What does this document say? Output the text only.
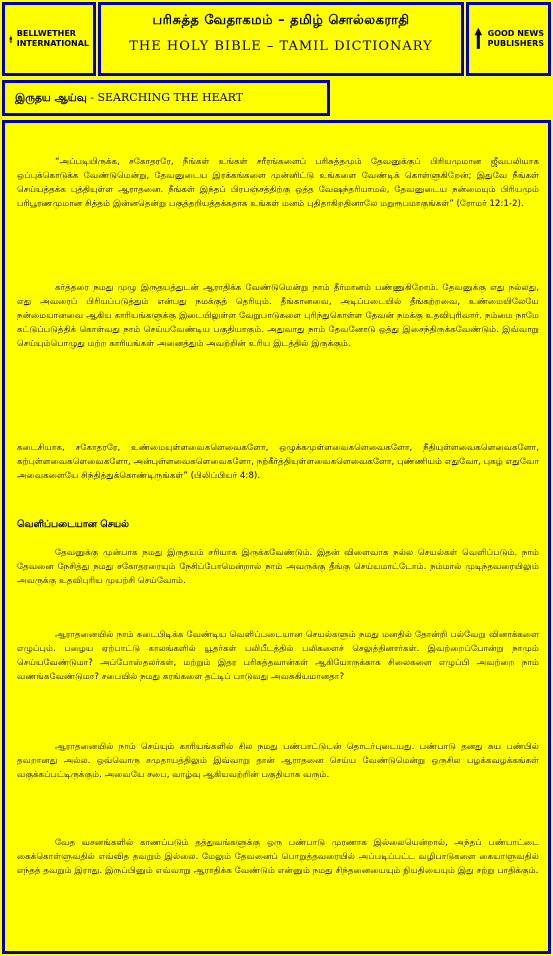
BELLWETHER
INTERNATIONAL
பரிசுத்த வேதாகமம் – தமிழ் சொல்லகராதி
THE HOLY BIBLE – TAMIL DICTIONARY
GOOD NEWS
PUBLISHERS
இருதய ஆய்வு - SEARCHING THE HEART
“அப்படியிருக்க, சகோதரரே, நீங்கள் உங்கள் சரீரங்களைப் பரிசுத்தமும் தேவனுக்குப் பிரியமுமான ஜீவபலியாக ஒப்புக்கொடுக்க வேண்டுமென்று, தேவனுடைய இரக்கங்களை முன்னிட்டு உங்களை வேண்டிக் கொள்ளுகிறேன்; இதுவே நீங்கள் செய்யத்தக்க புத்தியுள்ள ஆராதனை. நீங்கள் இந்தப் பிரபஞ்சத்திற்கு ஒத்த வேஷந்தரியாமல், தேவனுடைய நன்மையும் பிரியமும் பரிபூரணமுமான சித்தம் இன்னதென்று பகுத்தறியத்தக்கதாக உங்கள் மனம் புதிதாகிறதினாலே மறுரூபமாகுங்கள்” (ரோமர் 12:1-2).
கர்த்தரை நமது முழு இருதயத்துடன் ஆராதிக்க வேண்டுமென்று நாம் தீர்மானம் பண்ணுகிறோம். தேவனுக்கு எது நல்லது, எது அவரைப் பிரியப்படுத்தும் என்பது நமக்குத் தெரியும். தீங்கானவை, அடிப்படையில் தீங்கற்றவை, உண்மையிலேயே நன்மையானவை ஆகிய காரியங்களுக்கு இடையிலுள்ள வேறுபாடுகளை புரிந்துகொள்ள தேவன் நமக்கு உதவிபுரிவார். நம்மை நாமே கட்டுப்படுத்திக் கொள்வது நாம் செய்யவேண்டிய பகுதியாகும். அதுவாது நாம் தேவனோடு ஒத்து இசைந்திருக்கவேண்டும். இவ்வாறு செய்யும்பொழுது மற்ற காரியங்கள் அனைத்தும் அவற்றின் உரிய இடத்தில் இருக்கும்.
கடைசியாக, சகோதரரே, உண்மையுள்ளவைகளெவைகளோ, ஒழுக்கமுள்ளவைகளெவைகளோ, நீதியுள்ளவைகளெவைகளோ, கற்புள்ளவைகளெவைகளோ, அன்புள்ளவைகளெவைகளோ, நற்கீர்த்தியுள்ளவைகளெவைகளோ, புண்ணியம் எதுவோ, புகழ் எதுவோ அவைகளையே சிந்தித்துக்கொண்டிருங்கள்” (பிலிப்பியர் 4:8).
வெளிப்படையான செயல்
தேவனுக்கு முன்பாக நமது இருதயம் சரியாக இருக்கவேண்டும். இதன் விளைவாக நல்ல செயல்கள் வெளிப்படும். நாம் தேவனை நேசித்து நமது சகோதரரையும் நேசிப்போமென்றால் நாம் அவருக்கு தீங்கு செய்யமாட்டோம். நம்மால் முடிந்தவரையிலும் அவருக்கு உதவிபுரிய முயற்சி செய்வோம்.
ஆராதனையில் நாம் கடைபிடிக்க வேண்டிய வெளிப்படையான செயல்களும் நமது மனதில் தோன்றி பல்வேறு வினாக்களை எழுப்பும். பழைய ஏற்பாட்டு காலங்களில் யூதர்கள் பலிபீடத்தில் பலிகளைச் செலுத்தினார்கள். இவற்றைப்போன்று நாமும் செய்யவேண்டுமா? அப்போஸ்தலர்கள், மற்றும் இதர பரிசுத்தவான்கள் ஆகியோருக்காக சிலைகளை எழுப்பி அவற்றை நாம் வணங்கவேண்டுமா? சபையில் நமது கரங்களை தட்டிப் பாடுவது அவசுகியமானதா?
ஆராதனையில் நாம் செய்யும் காரியங்களில் சில நமது பண்பாட்டுடன் தொடர்புடையது. பண்பாடு தனது சுய பண்பில் தவறானது அல்ல. ஒவ்வொரு சமுதாயத்திலும் இவ்வாறு தான் ஆராதனை செய்ய வேண்டுமென்று ஒருசில பழக்கவழக்கங்கள் வகுக்கப்பட்டிருக்கும். அவையே சபை, வாழ்வு ஆகியவற்றின் பகுதியாக வரும்.
வேத வசனங்களில் காணப்படும் தத்துவங்களுக்கு ஒரு பண்பாடு முரணாக இல்லையென்றால், அந்தப் பண்பாட்டை கைக்கொள்ளுவதில் எவ்வித தவறும் இல்லை. மேலும் தேவனைப் பொறுத்தவரையில் அப்படிப்பட்ட வழிபாடுகளை கையாளுவதில் எந்தத் தவறும் இராது. இருப்பினும் எவ்வாறு ஆராதிக்க வேண்டும் என்னும் நமது சிந்தனையையும் நியதியையும் இது சற்று பாதிக்கும்.
